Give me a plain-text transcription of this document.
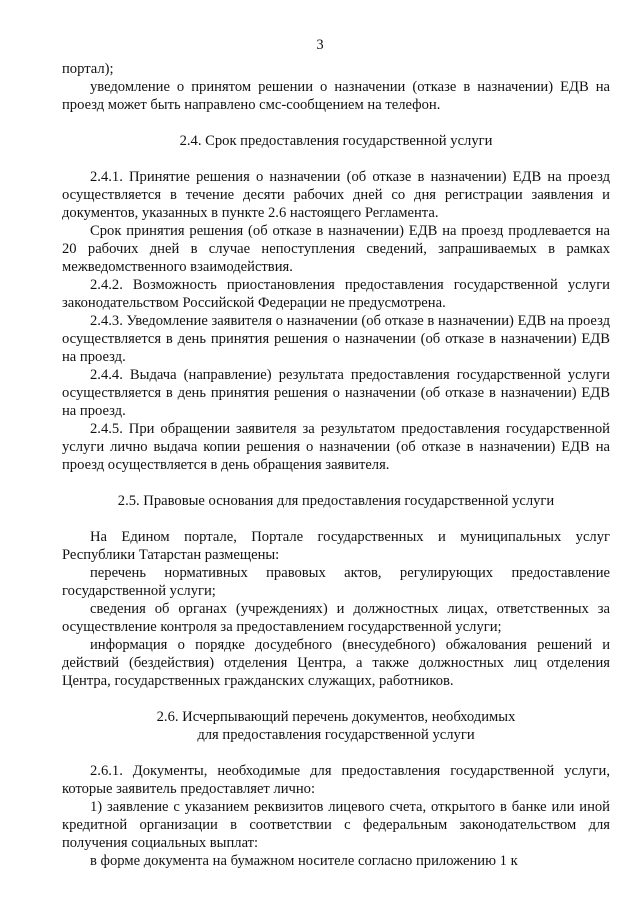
3

портал);

уведомление о принятом решении о назначении (отказе в назначении) ЕДВ на проезд может быть направлено смс-сообщением на телефон.

2.4. Срок предоставления государственной услуги

2.4.1. Принятие решения о назначении (об отказе в назначении) ЕДВ на проезд осуществляется в течение десяти рабочих дней со дня регистрации заявления и документов, указанных в пункте 2.6 настоящего Регламента.

Срок принятия решения (об отказе в назначении) ЕДВ на проезд продлевается на 20 рабочих дней в случае непоступления сведений, запрашиваемых в рамках межведомственного взаимодействия.

2.4.2. Возможность приостановления предоставления государственной услуги законодательством Российской Федерации не предусмотрена.

2.4.3. Уведомление заявителя о назначении (об отказе в назначении) ЕДВ на проезд осуществляется в день принятия решения о назначении (об отказе в назначении) ЕДВ на проезд.

2.4.4. Выдача (направление) результата предоставления государственной услуги осуществляется в день принятия решения о назначении (об отказе в назначении) ЕДВ на проезд.

2.4.5. При обращении заявителя за результатом предоставления государственной услуги лично выдача копии решения о назначении (об отказе в назначении) ЕДВ на проезд осуществляется в день обращения заявителя.

2.5. Правовые основания для предоставления государственной услуги

На Едином портале, Портале государственных и муниципальных услуг Республики Татарстан размещены:

перечень нормативных правовых актов, регулирующих предоставление государственной услуги;

сведения об органах (учреждениях) и должностных лицах, ответственных за осуществление контроля за предоставлением государственной услуги;

информация о порядке досудебного (внесудебного) обжалования решений и действий (бездействия) отделения Центра, а также должностных лиц отделения Центра, государственных гражданских служащих, работников.

2.6. Исчерпывающий перечень документов, необходимых
для предоставления государственной услуги

2.6.1. Документы, необходимые для предоставления государственной услуги, которые заявитель предоставляет лично:

1) заявление с указанием реквизитов лицевого счета, открытого в банке или иной кредитной организации в соответствии с федеральным законодательством для получения социальных выплат:

в форме документа на бумажном носителе согласно приложению 1 к
